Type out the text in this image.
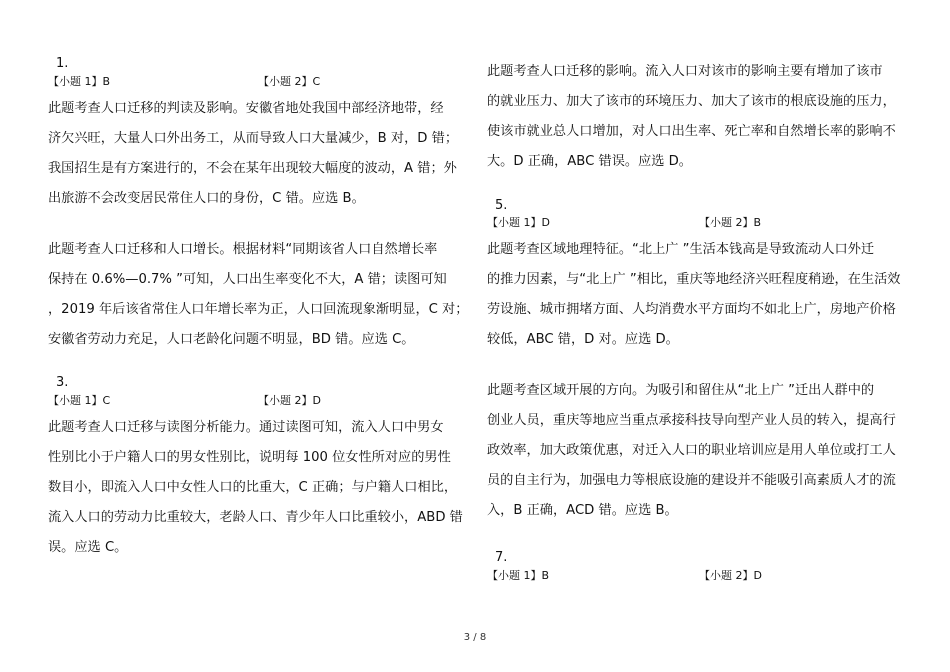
1.
【小题 1】B	【小题 2】C
此题考查人口迁移的判读及影响。安徽省地处我国中部经济地带，经
济欠兴旺，大量人口外出务工，从而导致人口大量减少，B 对，D 错；
我国招生是有方案进行的，不会在某年出现较大幅度的波动，A 错；外
出旅游不会改变居民常住人口的身份，C 错。应选 B。
此题考查人口迁移和人口增长。根据材料“同期该省人口自然增长率
保持在 0.6%—0.7% ”可知，人口出生率变化不大，A 错；读图可知
，2019 年后该省常住人口年增长率为正，人口回流现象渐明显，C 对；
安徽省劳动力充足，人口老龄化问题不明显，BD 错。应选 C。
3.
【小题 1】C	【小题 2】D
此题考查人口迁移与读图分析能力。通过读图可知，流入人口中男女
性别比小于户籍人口的男女性别比，说明每 100 位女性所对应的男性
数目小，即流入人口中女性人口的比重大，C 正确；与户籍人口相比，
流入人口的劳动力比重较大，老龄人口、青少年人口比重较小，ABD 错
误。应选 C。
此题考查人口迁移的影响。流入人口对该市的影响主要有增加了该市
的就业压力、加大了该市的环境压力、加大了该市的根底设施的压力，
使该市就业总人口增加，对人口出生率、死亡率和自然增长率的影响不
大。D 正确，ABC 错误。应选 D。
5.
【小题 1】D	【小题 2】B
此题考查区域地理特征。“北上广 ”生活本钱高是导致流动人口外迁
的推力因素，与“北上广 ”相比，重庆等地经济兴旺程度稍逊，在生活效
劳设施、城市拥堵方面、人均消费水平方面均不如北上广，房地产价格
较低，ABC 错，D 对。应选 D。
此题考查区域开展的方向。为吸引和留住从“北上广 ”迁出人群中的
创业人员，重庆等地应当重点承接科技导向型产业人员的转入，提高行
政效率，加大政策优惠，对迁入人口的职业培训应是用人单位或打工人
员的自主行为，加强电力等根底设施的建设并不能吸引高素质人才的流
入，B 正确，ACD 错。应选 B。
7.
【小题 1】B	【小题 2】D
3 / 8
